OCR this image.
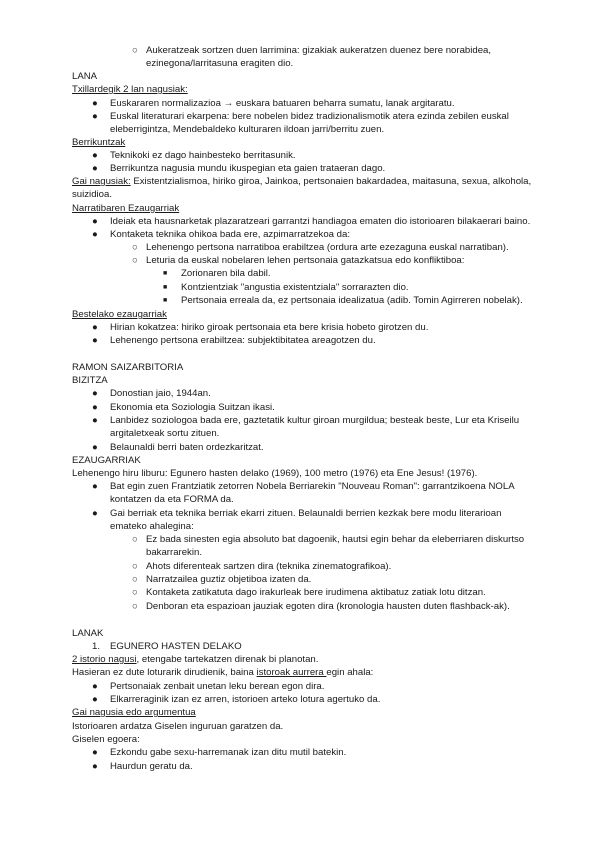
○ Aukeratzeak sortzen duen larrimina: gizakiak aukeratzen duenez bere norabidea,
ezinegona/larritasuna eragiten dio.
LANA
Txillardegik 2 lan nagusiak:
● Euskararen normalizazioa → euskara batuaren beharra sumatu, lanak argitaratu.
● Euskal literaturari ekarpena: bere nobelen bidez tradizionalismotik atera ezinda zebilen euskal
eleberrigintza, Mendebaldeko kulturaren ildoan jarri/berritu zuen.
Berrikuntzak
● Teknikoki ez dago hainbesteko berritasunik.
● Berrikuntza nagusia mundu ikuspegian eta gaien trataeran dago.
Gai nagusiak: Existentzialismoa, hiriko giroa, Jainkoa, pertsonaien bakardadea, maitasuna, sexua, alkohola,
suizidioa.
Narratibaren Ezaugarriak
● Ideiak eta hausnarketak plazaratzeari garrantzi handiagoa ematen dio istorioaren bilakaerari baino.
● Kontaketa teknika ohikoa bada ere, azpimarratzekoa da:
○ Lehenengo pertsona narratiboa erabiltzea (ordura arte ezezaguna euskal narratiban).
○ Leturia da euskal nobelaren lehen pertsonaia gatazkatsua edo konfliktiboa:
■ Zorionaren bila dabil.
■ Kontzientziak "angustia existentziala" sorrarazten dio.
■ Pertsonaia erreala da, ez pertsonaia idealizatua (adib. Tomin Agirreren nobelak).
Bestelako ezaugarriak
● Hirian kokatzea: hiriko giroak pertsonaia eta bere krisia hobeto girotzen du.
● Lehenengo pertsona erabiltzea: subjektibitatea areagotzen du.
RAMON SAIZARBITORIA
BIZITZA
● Donostian jaio, 1944an.
● Ekonomia eta Soziologia Suitzan ikasi.
● Lanbidez soziologoa bada ere, gaztetatik kultur giroan murgildua; besteak beste, Lur eta Kriseilu
argitaletxeak sortu zituen.
● Belaunaldi berri baten ordezkaritzat.
EZAUGARRIAK
Lehenengo hiru liburu: Egunero hasten delako (1969), 100 metro (1976) eta Ene Jesus! (1976).
● Bat egin zuen Frantziatik zetorren Nobela Berriarekin "Nouveau Roman": garrantzikoena NOLA
kontatzen da eta FORMA da.
● Gai berriak eta teknika berriak ekarri zituen. Belaunaldi berrien kezkak bere modu literarioan
emateko ahalegina:
○ Ez bada sinesten egia absoluto bat dagoenik, hautsi egin behar da eleberriaren diskurtso
bakarrarekin.
○ Ahots diferenteak sartzen dira (teknika zinematografikoa).
○ Narratzailea guztiz objetiboa izaten da.
○ Kontaketa zatikatuta dago irakurleak bere irudimena aktibatuz zatiak lotu ditzan.
○ Denboran eta espazioan jauziak egoten dira (kronologia hausten duten flashback-ak).
LANAK
1. EGUNERO HASTEN DELAKO
2 istorio nagusi, etengabe tartekatzen direnak bi planotan.
Hasieran ez dute loturarik dirudienik, baina istoroak aurrera egin ahala:
● Pertsonaiak zenbait unetan leku berean egon dira.
● Elkarreraginik izan ez arren, istorioen arteko lotura agertuko da.
Gai nagusia edo argumentua
Istorioaren ardatza Giselen inguruan garatzen da.
Giselen egoera:
● Ezkondu gabe sexu-harremanak izan ditu mutil batekin.
● Haurdun geratu da.
